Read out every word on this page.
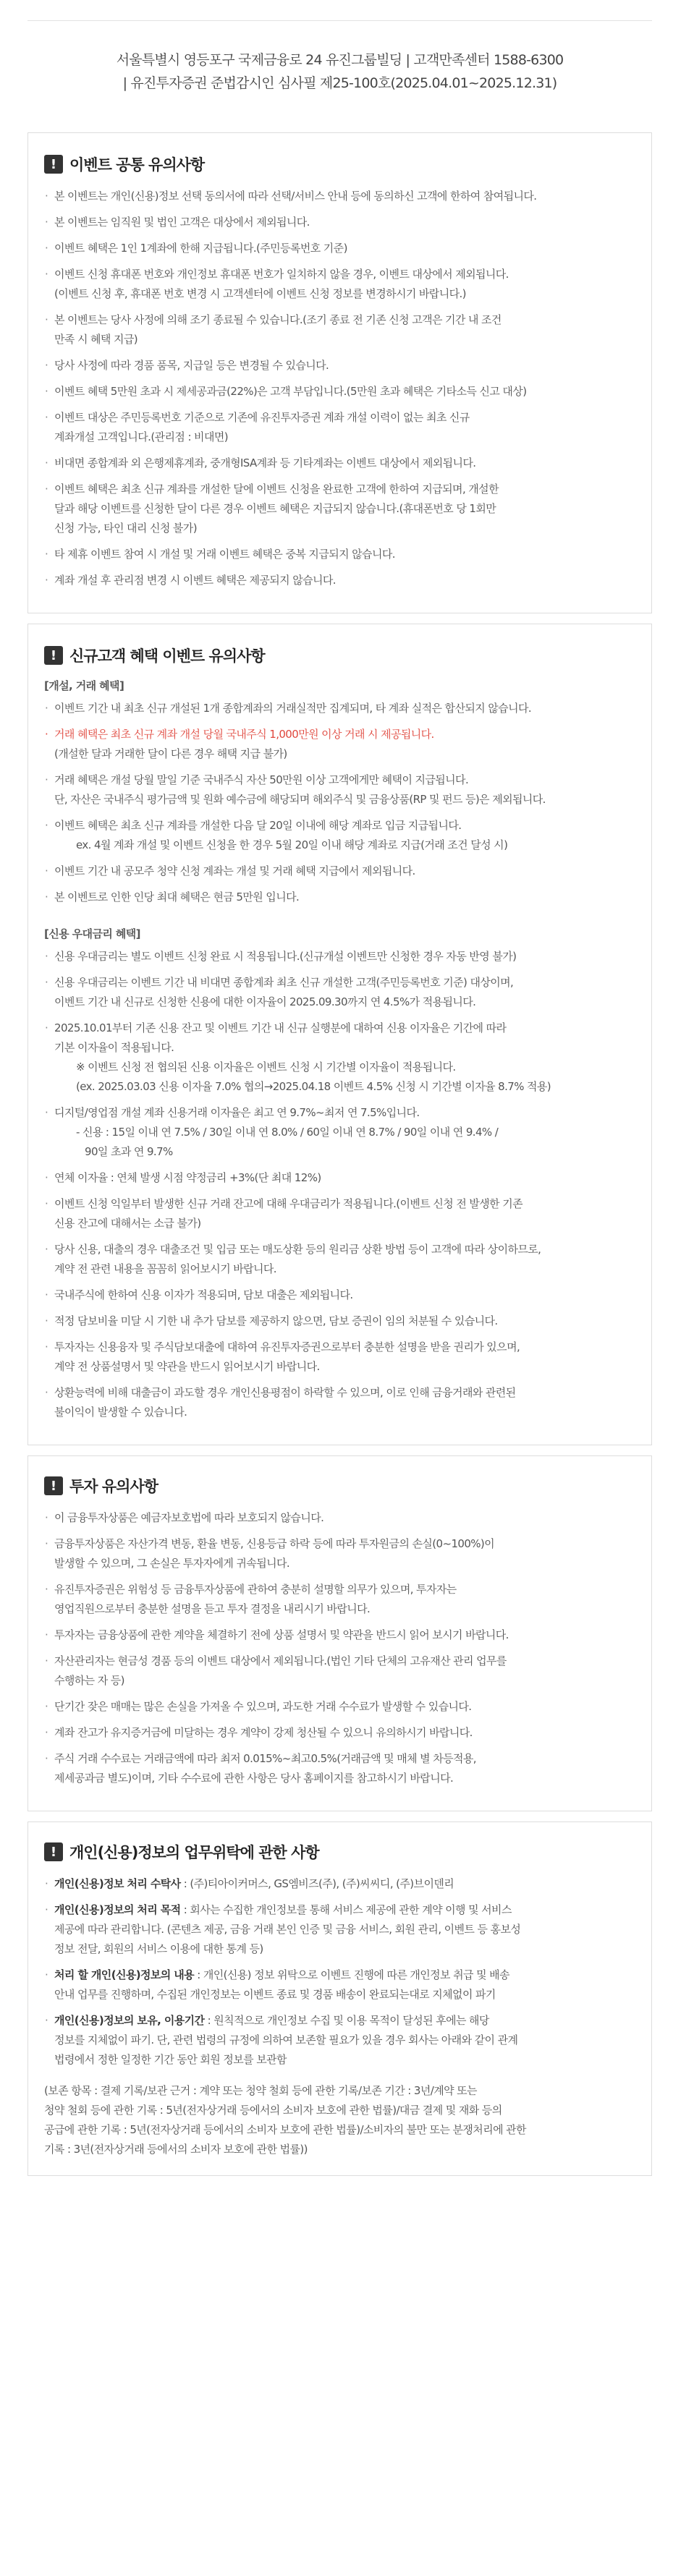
서울특별시 영등포구 국제금융로 24 유진그룹빌딩 | 고객만족센터 1588-6300
| 유진투자증권 준법감시인 심사필 제25-100호(2025.04.01~2025.12.31)
! 이벤트 공통 유의사항
· 본 이벤트는 개인(신용)정보 선택 동의서에 따라 선택/서비스 안내 등에 동의하신 고객에 한하여 참여됩니다.
· 본 이벤트는 임직원 및 법인 고객은 대상에서 제외됩니다.
· 이벤트 혜택은 1인 1계좌에 한해 지급됩니다.(주민등록번호 기준)
· 이벤트 신청 휴대폰 번호와 개인정보 휴대폰 번호가 일치하지 않을 경우, 이벤트 대상에서 제외됩니다.
(이벤트 신청 후, 휴대폰 번호 변경 시 고객센터에 이벤트 신청 정보를 변경하시기 바랍니다.)
· 본 이벤트는 당사 사정에 의해 조기 종료될 수 있습니다.(조기 종료 전 기존 신청 고객은 기간 내 조건
만족 시 혜택 지급)
· 당사 사정에 따라 경품 품목, 지급일 등은 변경될 수 있습니다.
· 이벤트 혜택 5만원 초과 시 제세공과금(22%)은 고객 부담입니다.(5만원 초과 혜택은 기타소득 신고 대상)
· 이벤트 대상은 주민등록번호 기준으로 기존에 유진투자증권 계좌 개설 이력이 없는 최초 신규
계좌개설 고객입니다.(관리점 : 비대면)
· 비대면 종합계좌 외 은행제휴계좌, 중개형ISA계좌 등 기타계좌는 이벤트 대상에서 제외됩니다.
· 이벤트 혜택은 최초 신규 계좌를 개설한 달에 이벤트 신청을 완료한 고객에 한하여 지급되며, 개설한
달과 해당 이벤트를 신청한 달이 다른 경우 이벤트 혜택은 지급되지 않습니다.(휴대폰번호 당 1회만
신청 가능, 타인 대리 신청 불가)
· 타 제휴 이벤트 참여 시 개설 및 거래 이벤트 혜택은 중복 지급되지 않습니다.
· 계좌 개설 후 관리점 변경 시 이벤트 혜택은 제공되지 않습니다.
! 신규고객 혜택 이벤트 유의사항
[개설, 거래 혜택]
· 이벤트 기간 내 최초 신규 개설된 1개 종합계좌의 거래실적만 집계되며, 타 계좌 실적은 합산되지 않습니다.
· 거래 혜택은 최초 신규 계좌 개설 당월 국내주식 1,000만원 이상 거래 시 제공됩니다.
(개설한 달과 거래한 달이 다른 경우 해택 지급 불가)
· 거래 혜택은 개설 당월 말일 기준 국내주식 자산 50만원 이상 고객에게만 혜택이 지급됩니다.
단, 자산은 국내주식 평가금액 및 원화 예수금에 해당되며 해외주식 및 금융상품(RP 및 펀드 등)은 제외됩니다.
· 이벤트 혜택은 최초 신규 계좌를 개설한 다음 달 20일 이내에 해당 계좌로 입금 지급됩니다.
ex. 4월 계좌 개설 및 이벤트 신청을 한 경우 5월 20일 이내 해당 계좌로 지급(거래 조건 달성 시)
· 이벤트 기간 내 공모주 청약 신청 계좌는 개설 및 거래 혜택 지급에서 제외됩니다.
· 본 이벤트로 인한 인당 최대 혜택은 현금 5만원 입니다.
[신용 우대금리 혜택]
· 신용 우대금리는 별도 이벤트 신청 완료 시 적용됩니다.(신규개설 이벤트만 신청한 경우 자동 반영 불가)
· 신용 우대금리는 이벤트 기간 내 비대면 종합계좌 최초 신규 개설한 고객(주민등록번호 기준) 대상이며,
이벤트 기간 내 신규로 신청한 신용에 대한 이자율이 2025.09.30까지 연 4.5%가 적용됩니다.
· 2025.10.01부터 기존 신용 잔고 및 이벤트 기간 내 신규 실행분에 대하여 신용 이자율은 기간에 따라
기본 이자율이 적용됩니다.
※ 이벤트 신청 전 협의된 신용 이자율은 이벤트 신청 시 기간별 이자율이 적용됩니다.
(ex. 2025.03.03 신용 이자율 7.0% 협의→2025.04.18 이벤트 4.5% 신청 시 기간별 이자율 8.7% 적용)
· 디지털/영업점 개설 계좌 신용거래 이자율은 최고 연 9.7%~최저 연 7.5%입니다.
- 신용 : 15일 이내 연 7.5% / 30일 이내 연 8.0% / 60일 이내 연 8.7% / 90일 이내 연 9.4% /
90일 초과 연 9.7%
· 연체 이자율 : 연체 발생 시점 약정금리 +3%(단 최대 12%)
· 이벤트 신청 익일부터 발생한 신규 거래 잔고에 대해 우대금리가 적용됩니다.(이벤트 신청 전 발생한 기존
신용 잔고에 대해서는 소급 불가)
· 당사 신용, 대출의 경우 대출조건 및 입금 또는 매도상환 등의 원리금 상환 방법 등이 고객에 따라 상이하므로,
계약 전 관련 내용을 꼼꼼히 읽어보시기 바랍니다.
· 국내주식에 한하여 신용 이자가 적용되며, 담보 대출은 제외됩니다.
· 적정 담보비율 미달 시 기한 내 추가 담보를 제공하지 않으면, 담보 증권이 임의 처분될 수 있습니다.
· 투자자는 신용융자 및 주식담보대출에 대하여 유진투자증권으로부터 충분한 설명을 받을 권리가 있으며,
계약 전 상품설명서 및 약관을 반드시 읽어보시기 바랍니다.
· 상환능력에 비해 대출금이 과도할 경우 개인신용평점이 하락할 수 있으며, 이로 인해 금융거래와 관련된
불이익이 발생할 수 있습니다.
! 투자 유의사항
· 이 금융투자상품은 예금자보호법에 따라 보호되지 않습니다.
· 금융투자상품은 자산가격 변동, 환율 변동, 신용등급 하락 등에 따라 투자원금의 손실(0~100%)이
발생할 수 있으며, 그 손실은 투자자에게 귀속됩니다.
· 유진투자증권은 위험성 등 금융투자상품에 관하여 충분히 설명할 의무가 있으며, 투자자는
영업직원으로부터 충분한 설명을 듣고 투자 결정을 내리시기 바랍니다.
· 투자자는 금융상품에 관한 계약을 체결하기 전에 상품 설명서 및 약관을 반드시 읽어 보시기 바랍니다.
· 자산관리자는 현금성 경품 등의 이벤트 대상에서 제외됩니다.(법인 기타 단체의 고유재산 관리 업무를
수행하는 자 등)
· 단기간 잦은 매매는 많은 손실을 가져올 수 있으며, 과도한 거래 수수료가 발생할 수 있습니다.
· 계좌 잔고가 유지증거금에 미달하는 경우 계약이 강제 청산될 수 있으니 유의하시기 바랍니다.
· 주식 거래 수수료는 거래금액에 따라 최저 0.015%~최고0.5%(거래금액 및 매체 별 차등적용,
제세공과금 별도)이며, 기타 수수료에 관한 사항은 당사 홈페이지를 참고하시기 바랍니다.
! 개인(신용)정보의 업무위탁에 관한 사항
· 개인(신용)정보 처리 수탁사 : (주)티아이커머스, GS엠비즈(주), (주)씨씨디, (주)브이덴리
· 개인(신용)정보의 처리 목적 : 회사는 수집한 개인정보를 통해 서비스 제공에 관한 계약 이행 및 서비스
제공에 따라 관리합니다. (콘텐츠 제공, 금융 거래 본인 인증 및 금융 서비스, 회원 관리, 이벤트 등 홍보성
정보 전달, 회원의 서비스 이용에 대한 통계 등)
· 처리 할 개인(신용)정보의 내용 : 개인(신용) 정보 위탁으로 이벤트 진행에 따른 개인정보 취급 및 배송
안내 업무를 진행하며, 수집된 개인정보는 이벤트 종료 및 경품 배송이 완료되는대로 지체없이 파기
· 개인(신용)정보의 보유, 이용기간 : 원칙적으로 개인정보 수집 및 이용 목적이 달성된 후에는 해당
정보를 지체없이 파기. 단, 관련 법령의 규정에 의하여 보존할 필요가 있을 경우 회사는 아래와 같이 관계
법령에서 정한 일정한 기간 동안 회원 정보를 보관함
(보존 항목 : 결제 기록/보관 근거 : 계약 또는 청약 철회 등에 관한 기록/보존 기간 : 3년/계약 또는
청약 철회 등에 관한 기록 : 5년(전자상거래 등에서의 소비자 보호에 관한 법률)/대금 결제 및 재화 등의
공급에 관한 기록 : 5년(전자상거래 등에서의 소비자 보호에 관한 법률)/소비자의 불만 또는 분쟁처리에 관한
기록 : 3년(전자상거래 등에서의 소비자 보호에 관한 법률))
